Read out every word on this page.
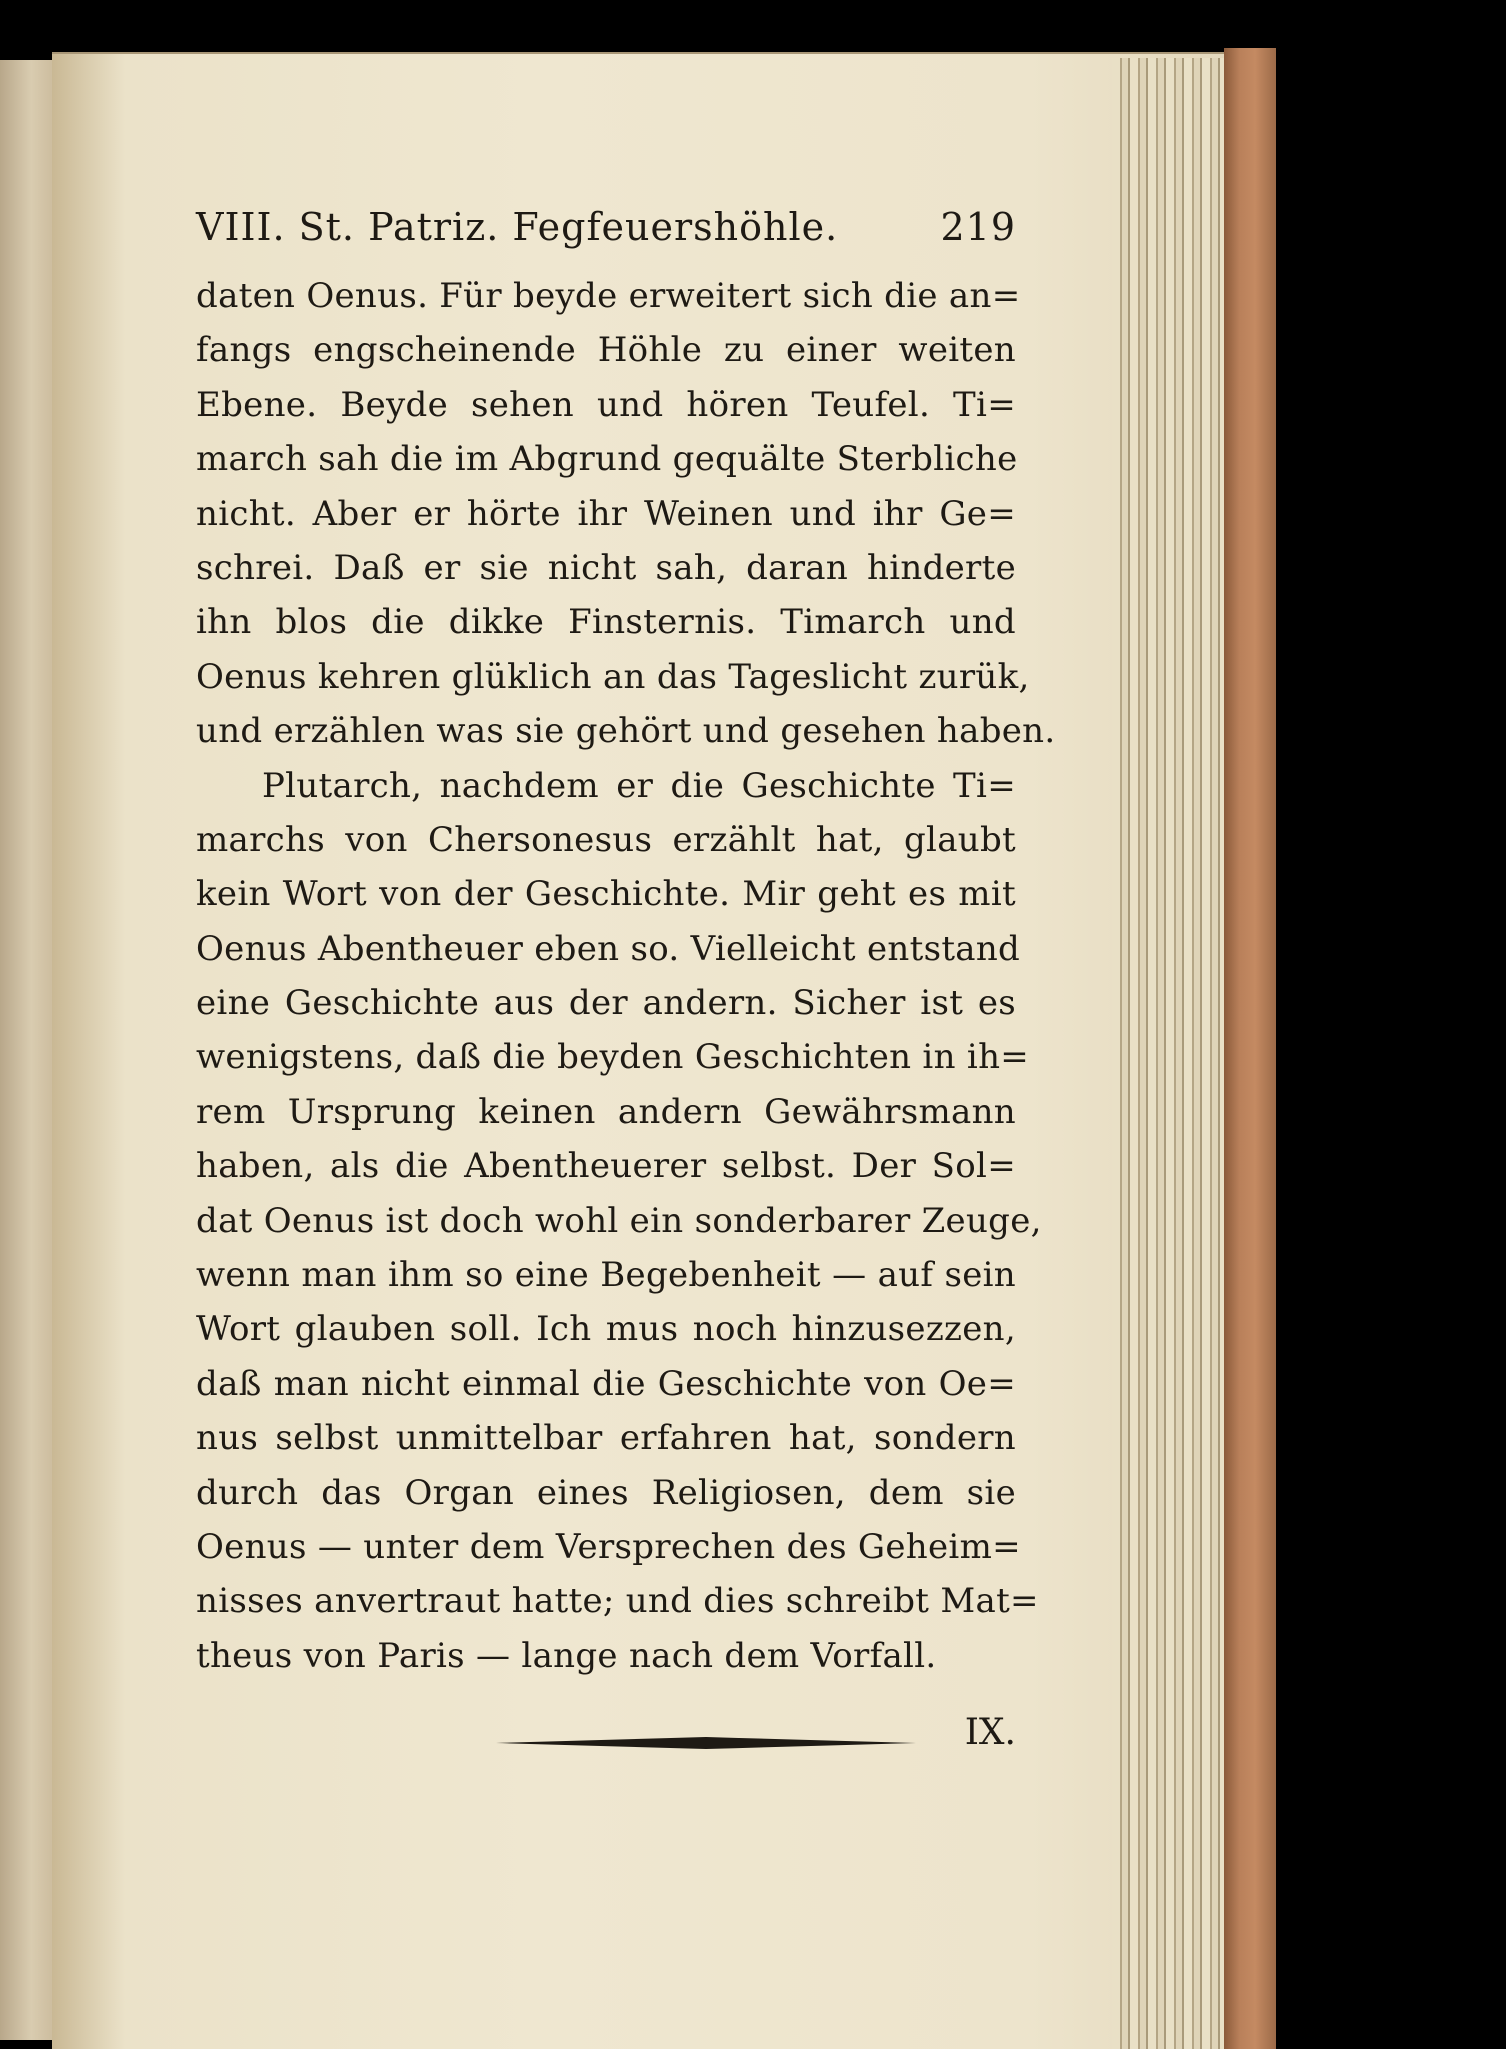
VIII. St. Patriz. Fegfeuershöhle.	219
daten Oenus. Für beyde erweitert sich die an=
fangs engscheinende Höhle zu einer weiten
Ebene. Beyde sehen und hören Teufel. Ti=
march sah die im Abgrund gequälte Sterbliche
nicht. Aber er hörte ihr Weinen und ihr Ge=
schrei. Daß er sie nicht sah, daran hinderte
ihn blos die dikke Finsternis. Timarch und
Oenus kehren glüklich an das Tageslicht zurük,
und erzählen was sie gehört und gesehen haben.
Plutarch, nachdem er die Geschichte Ti=
marchs von Chersonesus erzählt hat, glaubt
kein Wort von der Geschichte. Mir geht es mit
Oenus Abentheuer eben so. Vielleicht entstand
eine Geschichte aus der andern. Sicher ist es
wenigstens, daß die beyden Geschichten in ih=
rem Ursprung keinen andern Gewährsmann
haben, als die Abentheuerer selbst. Der Sol=
dat Oenus ist doch wohl ein sonderbarer Zeuge,
wenn man ihm so eine Begebenheit — auf sein
Wort glauben soll. Ich mus noch hinzusezzen,
daß man nicht einmal die Geschichte von Oe=
nus selbst unmittelbar erfahren hat, sondern
durch das Organ eines Religiosen, dem sie
Oenus — unter dem Versprechen des Geheim=
nisses anvertraut hatte; und dies schreibt Mat=
theus von Paris — lange nach dem Vorfall.
IX.
